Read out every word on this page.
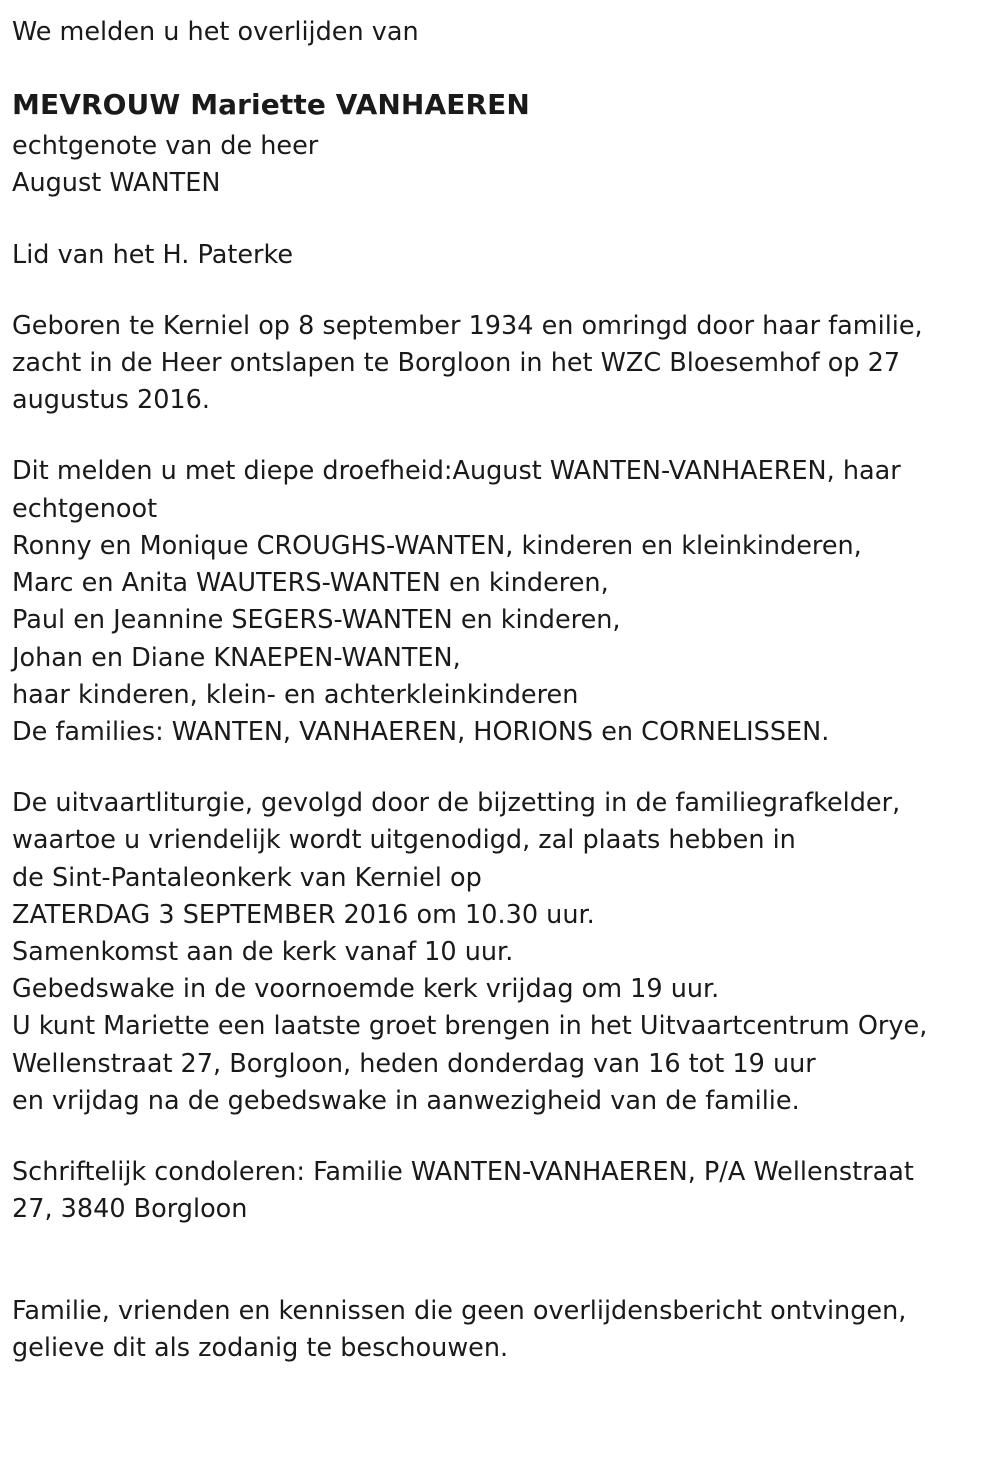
We melden u het overlijden van

MEVROUW Mariette VANHAEREN

echtgenote van de heer

August WANTEN

Lid van het H. Paterke

Geboren te Kerniel op 8 september 1934 en omringd door haar familie,

zacht in de Heer ontslapen te Borgloon in het WZC Bloesemhof op 27

augustus 2016.

Dit melden u met diepe droefheid:August WANTEN-VANHAEREN, haar

echtgenoot

Ronny en Monique CROUGHS-WANTEN, kinderen en kleinkinderen,

Marc en Anita WAUTERS-WANTEN en kinderen,

Paul en Jeannine SEGERS-WANTEN en kinderen,

Johan en Diane KNAEPEN-WANTEN,

haar kinderen, klein- en achterkleinkinderen

De families: WANTEN, VANHAEREN, HORIONS en CORNELISSEN.

De uitvaartliturgie, gevolgd door de bijzetting in de familiegrafkelder,

waartoe u vriendelijk wordt uitgenodigd, zal plaats hebben in

de Sint-Pantaleonkerk van Kerniel op

ZATERDAG 3 SEPTEMBER 2016 om 10.30 uur.

Samenkomst aan de kerk vanaf 10 uur.

Gebedswake in de voornoemde kerk vrijdag om 19 uur.

U kunt Mariette een laatste groet brengen in het Uitvaartcentrum Orye,

Wellenstraat 27, Borgloon, heden donderdag van 16 tot 19 uur

en vrijdag na de gebedswake in aanwezigheid van de familie.

Schriftelijk condoleren: Familie WANTEN-VANHAEREN, P/A Wellenstraat

27, 3840 Borgloon

Familie, vrienden en kennissen die geen overlijdensbericht ontvingen,

gelieve dit als zodanig te beschouwen.
